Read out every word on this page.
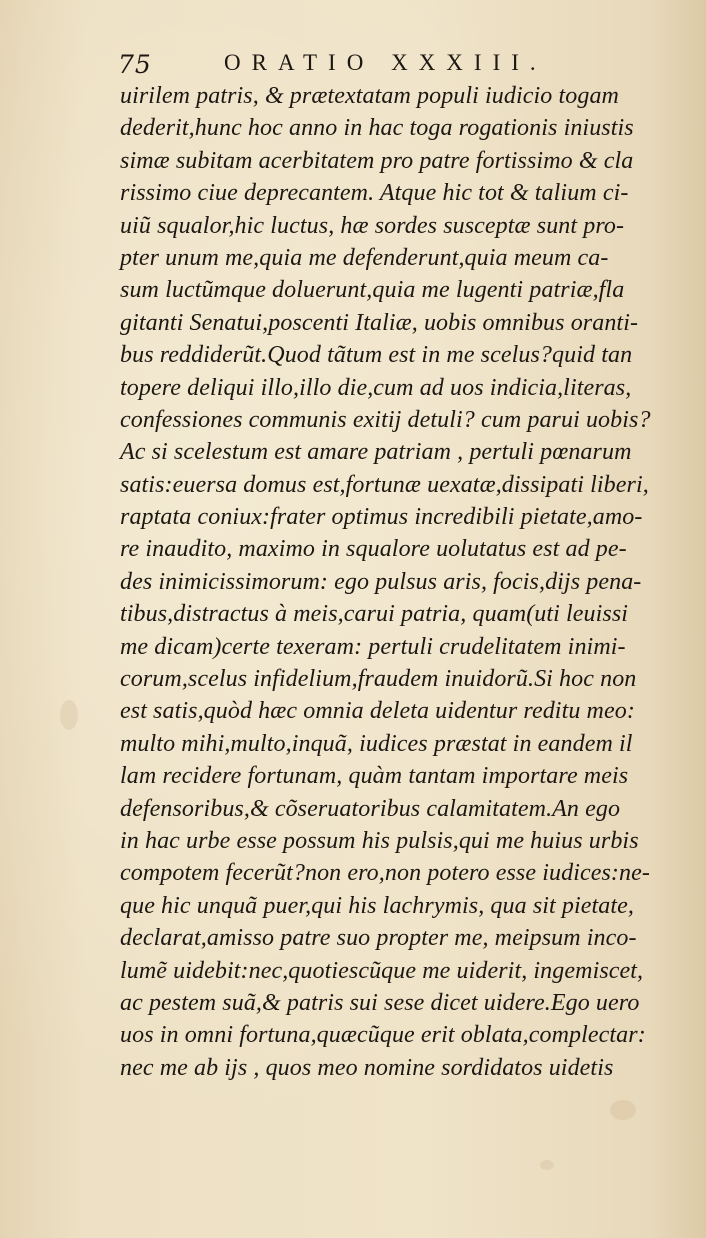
75	ORATIO XXXIII.
uirilem patris, & prætextatam populi iudicio togam
dederit,hunc hoc anno in hac toga rogationis iniustis
simæ subitam acerbitatem pro patre fortissimo & cla
rissimo ciue deprecantem. Atque hic tot & talium ci-
uiũ squalor,hic luctus, hæ sordes susceptæ sunt pro-
pter unum me,quia me defenderunt,quia meum ca-
sum luctũmque doluerunt,quia me lugenti patriæ,fla
gitanti Senatui,poscenti Italiæ, uobis omnibus oranti-
bus reddiderũt.Quod tãtum est in me scelus?quid tan
topere deliqui illo,illo die,cum ad uos indicia,literas,
confessiones communis exitij detuli? cum parui uobis?
Ac si scelestum est amare patriam , pertuli pœnarum
satis:euersa domus est,fortunæ uexatæ,dissipati liberi,
raptata coniux:frater optimus incredibili pietate,amo-
re inaudito, maximo in squalore uolutatus est ad pe-
des inimicissimorum: ego pulsus aris, focis,dijs pena-
tibus,distractus à meis,carui patria, quam(uti leuissi
me dicam)certe texeram: pertuli crudelitatem inimi-
corum,scelus infidelium,fraudem inuidorũ.Si hoc non
est satis,quòd hæc omnia deleta uidentur reditu meo:
multo mihi,multo,inquã, iudices præstat in eandem il
lam recidere fortunam, quàm tantam importare meis
defensoribus,& cõseruatoribus calamitatem.An ego
in hac urbe esse possum his pulsis,qui me huius urbis
compotem fecerũt?non ero,non potero esse iudices:ne-
que hic unquã puer,qui his lachrymis, qua sit pietate,
declarat,amisso patre suo propter me, meipsum inco-
lumẽ uidebit:nec,quotiescũque me uiderit, ingemiscet,
ac pestem suã,& patris sui sese dicet uidere.Ego uero
uos in omni fortuna,quæcũque erit oblata,complectar:
nec me ab ijs , quos meo nomine sordidatos uidetis
